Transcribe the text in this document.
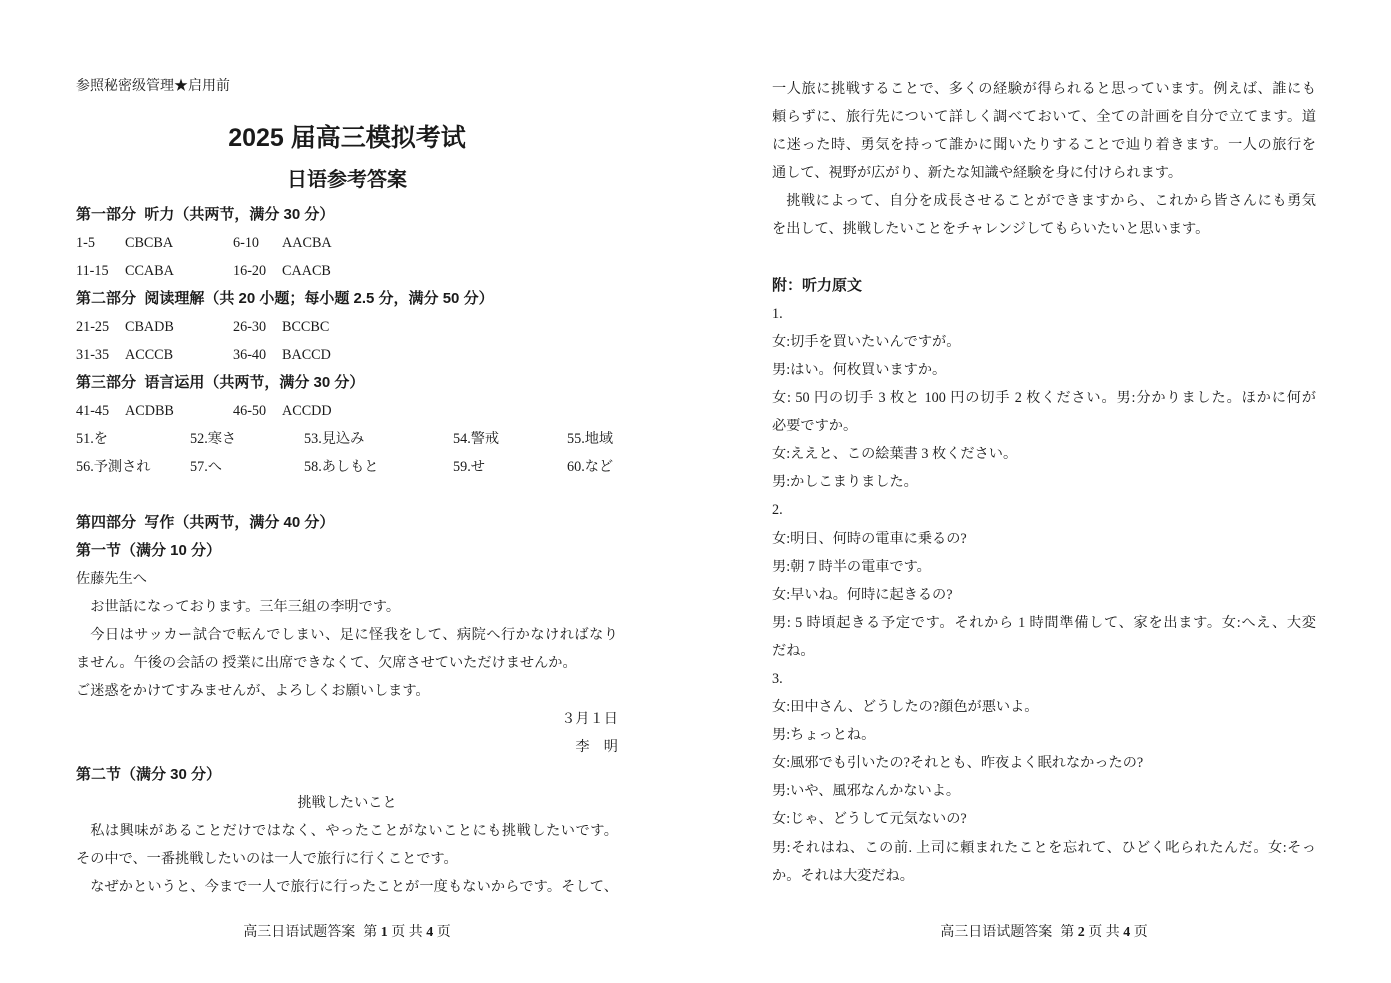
参照秘密级管理★启用前
2025 届高三模拟考试
日语参考答案
第一部分  听力（共两节，满分 30 分）
1-5	CBCBA	6-10	AACBA
11-15	CCABA	16-20	CAACB
第二部分  阅读理解（共 20 小题；每小题 2.5 分，满分 50 分）
21-25	CBADB	26-30	BCCBC
31-35	ACCCB	36-40	BACCD
第三部分  语言运用（共两节，满分 30 分）
41-45	ACDBB	46-50	ACCDD
51.を	52.寒さ	53.見込み	54.警戒	55.地域
56.予測され	57.へ	58.あしもと	59.せ	60.など
第四部分  写作（共两节，满分 40 分）
第一节（满分 10 分）
佐藤先生へ
お世話になっております。三年三組の李明です。
今日はサッカー試合で転んでしまい、足に怪我をして、病院へ行かなければなり
ません。午後の会話の 授業に出席できなくて、欠席させていただけませんか。
ご迷惑をかけてすみませんが、よろしくお願いします。
３月１日
李　明
第二节（满分 30 分）
挑戦したいこと
私は興味があることだけではなく、やったことがないことにも挑戦したいです。
その中で、一番挑戦したいのは一人で旅行に行くことです。
なぜかというと、今まで一人で旅行に行ったことが一度もないからです。そして、
高三日语试题答案 第 1 页 共 4 页
一人旅に挑戦することで、多くの経験が得られると思っています。例えば、誰にも
頼らずに、旅行先について詳しく調べておいて、全ての計画を自分で立てます。道
に迷った時、勇気を持って誰かに聞いたりすることで辿り着きます。一人の旅行を
通して、視野が広がり、新たな知識や経験を身に付けられます。
挑戦によって、自分を成長させることができますから、これから皆さんにも勇気
を出して、挑戦したいことをチャレンジしてもらいたいと思います。
附：听力原文
1.
女:切手を買いたいんですが。
男:はい。何枚買いますか。
女: 50 円の切手 3 枚と 100 円の切手 2 枚ください。男:分かりました。ほかに何が
必要ですか。
女:ええと、この絵葉書 3 枚ください。
男:かしこまりました。
2.
女:明日、何時の電車に乗るの?
男:朝 7 時半の電車です。
女:早いね。何時に起きるの?
男: 5 時頃起きる予定です。それから 1 時間準備して、家を出ます。女:へえ、大変
だね。
3.
女:田中さん、どうしたの?顔色が悪いよ。
男:ちょっとね。
女:風邪でも引いたの?それとも、昨夜よく眠れなかったの?
男:いや、風邪なんかないよ。
女:じゃ、どうして元気ないの?
男:それはね、この前. 上司に頼まれたことを忘れて、ひどく叱られたんだ。女:そっ
か。それは大変だね。
高三日语试题答案 第 2 页 共 4 页
